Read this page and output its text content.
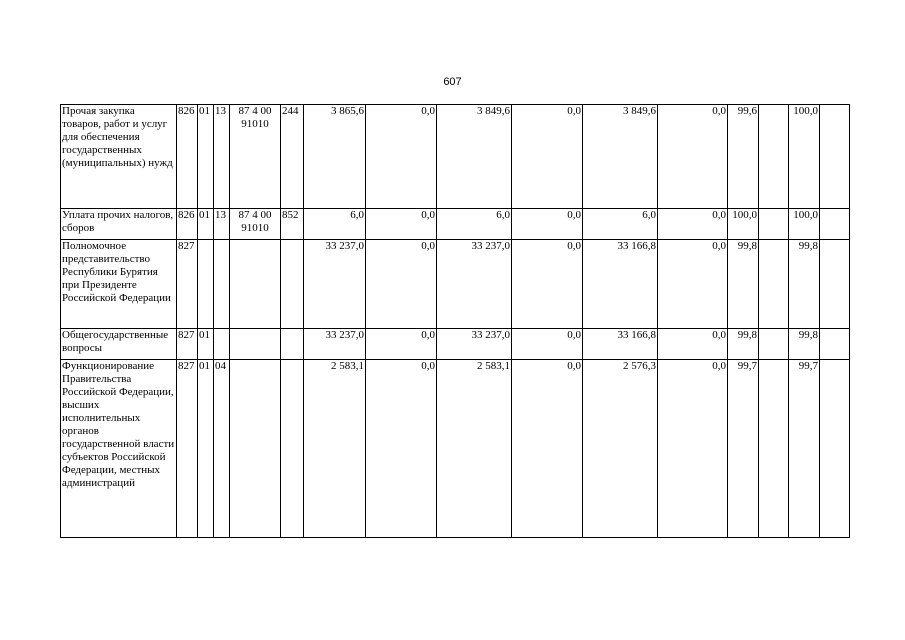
607
Прочая закупка товаров, работ и услуг для обеспечения государственных (муниципальных) нужд	826	01	13	87 4 00 91010	244	3 865,6	0,0	3 849,6	0,0	3 849,6	0,0	99,6		100,0	
Уплата прочих налогов, сборов	826	01	13	87 4 00 91010	852	6,0	0,0	6,0	0,0	6,0	0,0	100,0		100,0	
Полномочное представительство Республики Бурятия при Президенте Российской Федерации	827					33 237,0	0,0	33 237,0	0,0	33 166,8	0,0	99,8		99,8	
Общегосударственные вопросы	827	01				33 237,0	0,0	33 237,0	0,0	33 166,8	0,0	99,8		99,8	
Функционирование Правительства Российской Федерации, высших исполнительных органов государственной власти субъектов Российской Федерации, местных администраций	827	01	04			2 583,1	0,0	2 583,1	0,0	2 576,3	0,0	99,7		99,7	
